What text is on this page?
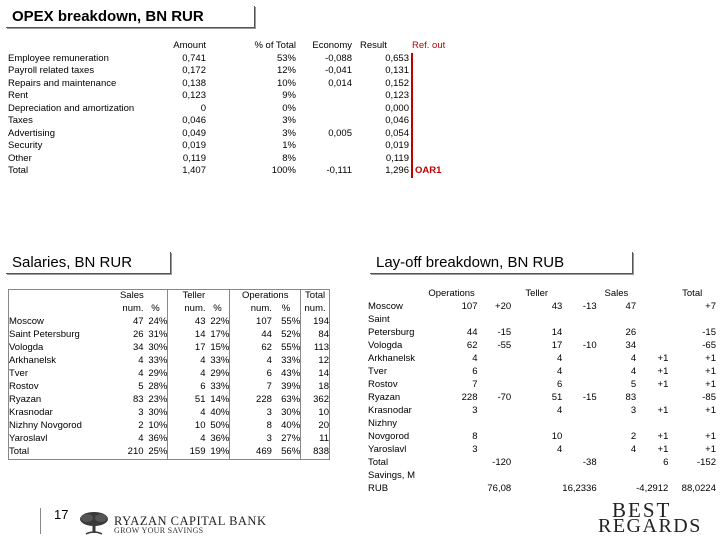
OPEX breakdown, BN RUR
	Amount	% of Total	Economy	Result	Ref. out
Employee remuneration	0,741	53%	-0,088	0,653	
Payroll related taxes	0,172	12%	-0,041	0,131	
Repairs and maintenance	0,138	10%	0,014	0,152	
Rent	0,123	9%		0,123	
Depreciation and amortization	0	0%		0,000	
Taxes	0,046	3%		0,046	
Advertising	0,049	3%	0,005	0,054	
Security	0,019	1%		0,019	
Other	0,119	8%		0,119	
Total	1,407	100%	-0,111	1,296	OAR1
Salaries, BN RUR
	Sales		Teller		Operations		Total
	num.	%	num.	%	num.	%	num.
Moscow	47	24%	43	22%	107	55%	194
Saint Petersburg	26	31%	14	17%	44	52%	84
Vologda	34	30%	17	15%	62	55%	113
Arkhanelsk	4	33%	4	33%	4	33%	12
Tver	4	29%	4	29%	6	43%	14
Rostov	5	28%	6	33%	7	39%	18
Ryazan	83	23%	51	14%	228	63%	362
Krasnodar	3	30%	4	40%	3	30%	10
Nizhny Novgorod	2	10%	10	50%	8	40%	20
Yaroslavl	4	36%	4	36%	3	27%	11
Total	210	25%	159	19%	469	56%	838
Lay-off breakdown, BN RUB
	Operations		Teller		Sales		Total
Moscow	107	+20	43	-13	47		+7
Saint							
Petersburg	44	-15	14		26		-15
Vologda	62	-55	17	-10	34		-65
Arkhanelsk	4		4		4	+1	+1
Tver	6		4		4	+1	+1
Rostov	7		6		5	+1	+1
Ryazan	228	-70	51	-15	83		-85
Krasnodar	3		4		3	+1	+1
Nizhny							
Novgorod	8		10		2	+1	+1
Yaroslavl	3		4		4	+1	+1
Total		-120		-38		6	-152
Savings, M							
RUB		76,08		16,2336		-4,2912	88,0224
17	RYAZAN CAPITAL BANK
GROW YOUR SAVINGS
BEST
REGARDS
